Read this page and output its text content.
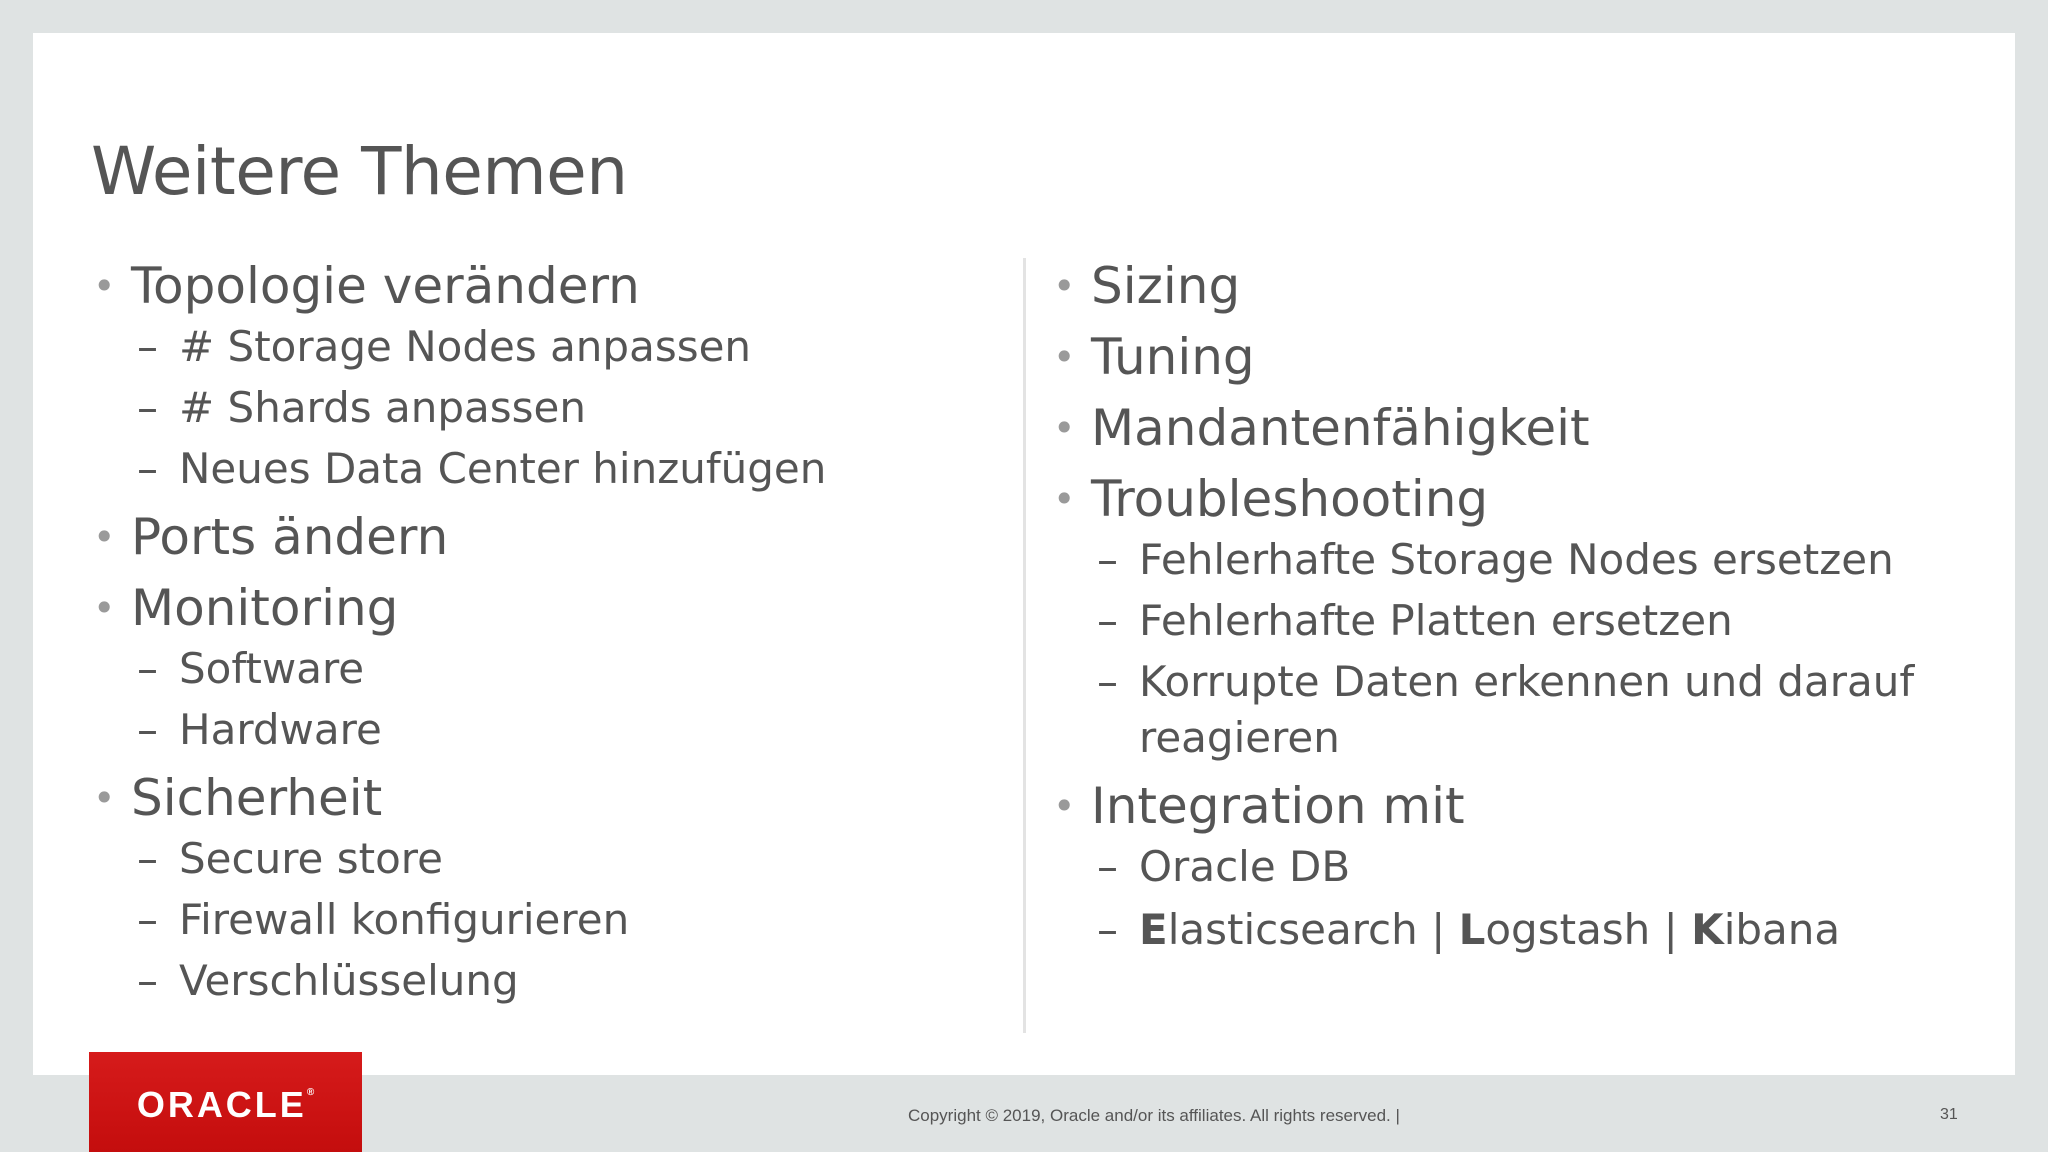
Weitere Themen
• Topologie verändern
– # Storage Nodes anpassen
– # Shards anpassen
– Neues Data Center hinzufügen
• Ports ändern
• Monitoring
– Software
– Hardware
• Sicherheit
– Secure store
– Firewall konfigurieren
– Verschlüsselung
• Sizing
• Tuning
• Mandantenfähigkeit
• Troubleshooting
– Fehlerhafte Storage Nodes ersetzen
– Fehlerhafte Platten ersetzen
– Korrupte Daten erkennen und darauf reagieren
• Integration mit
– Oracle DB
– Elasticsearch | Logstash | Kibana
ORACLE®
Copyright © 2019, Oracle and/or its affiliates. All rights reserved. |	31
